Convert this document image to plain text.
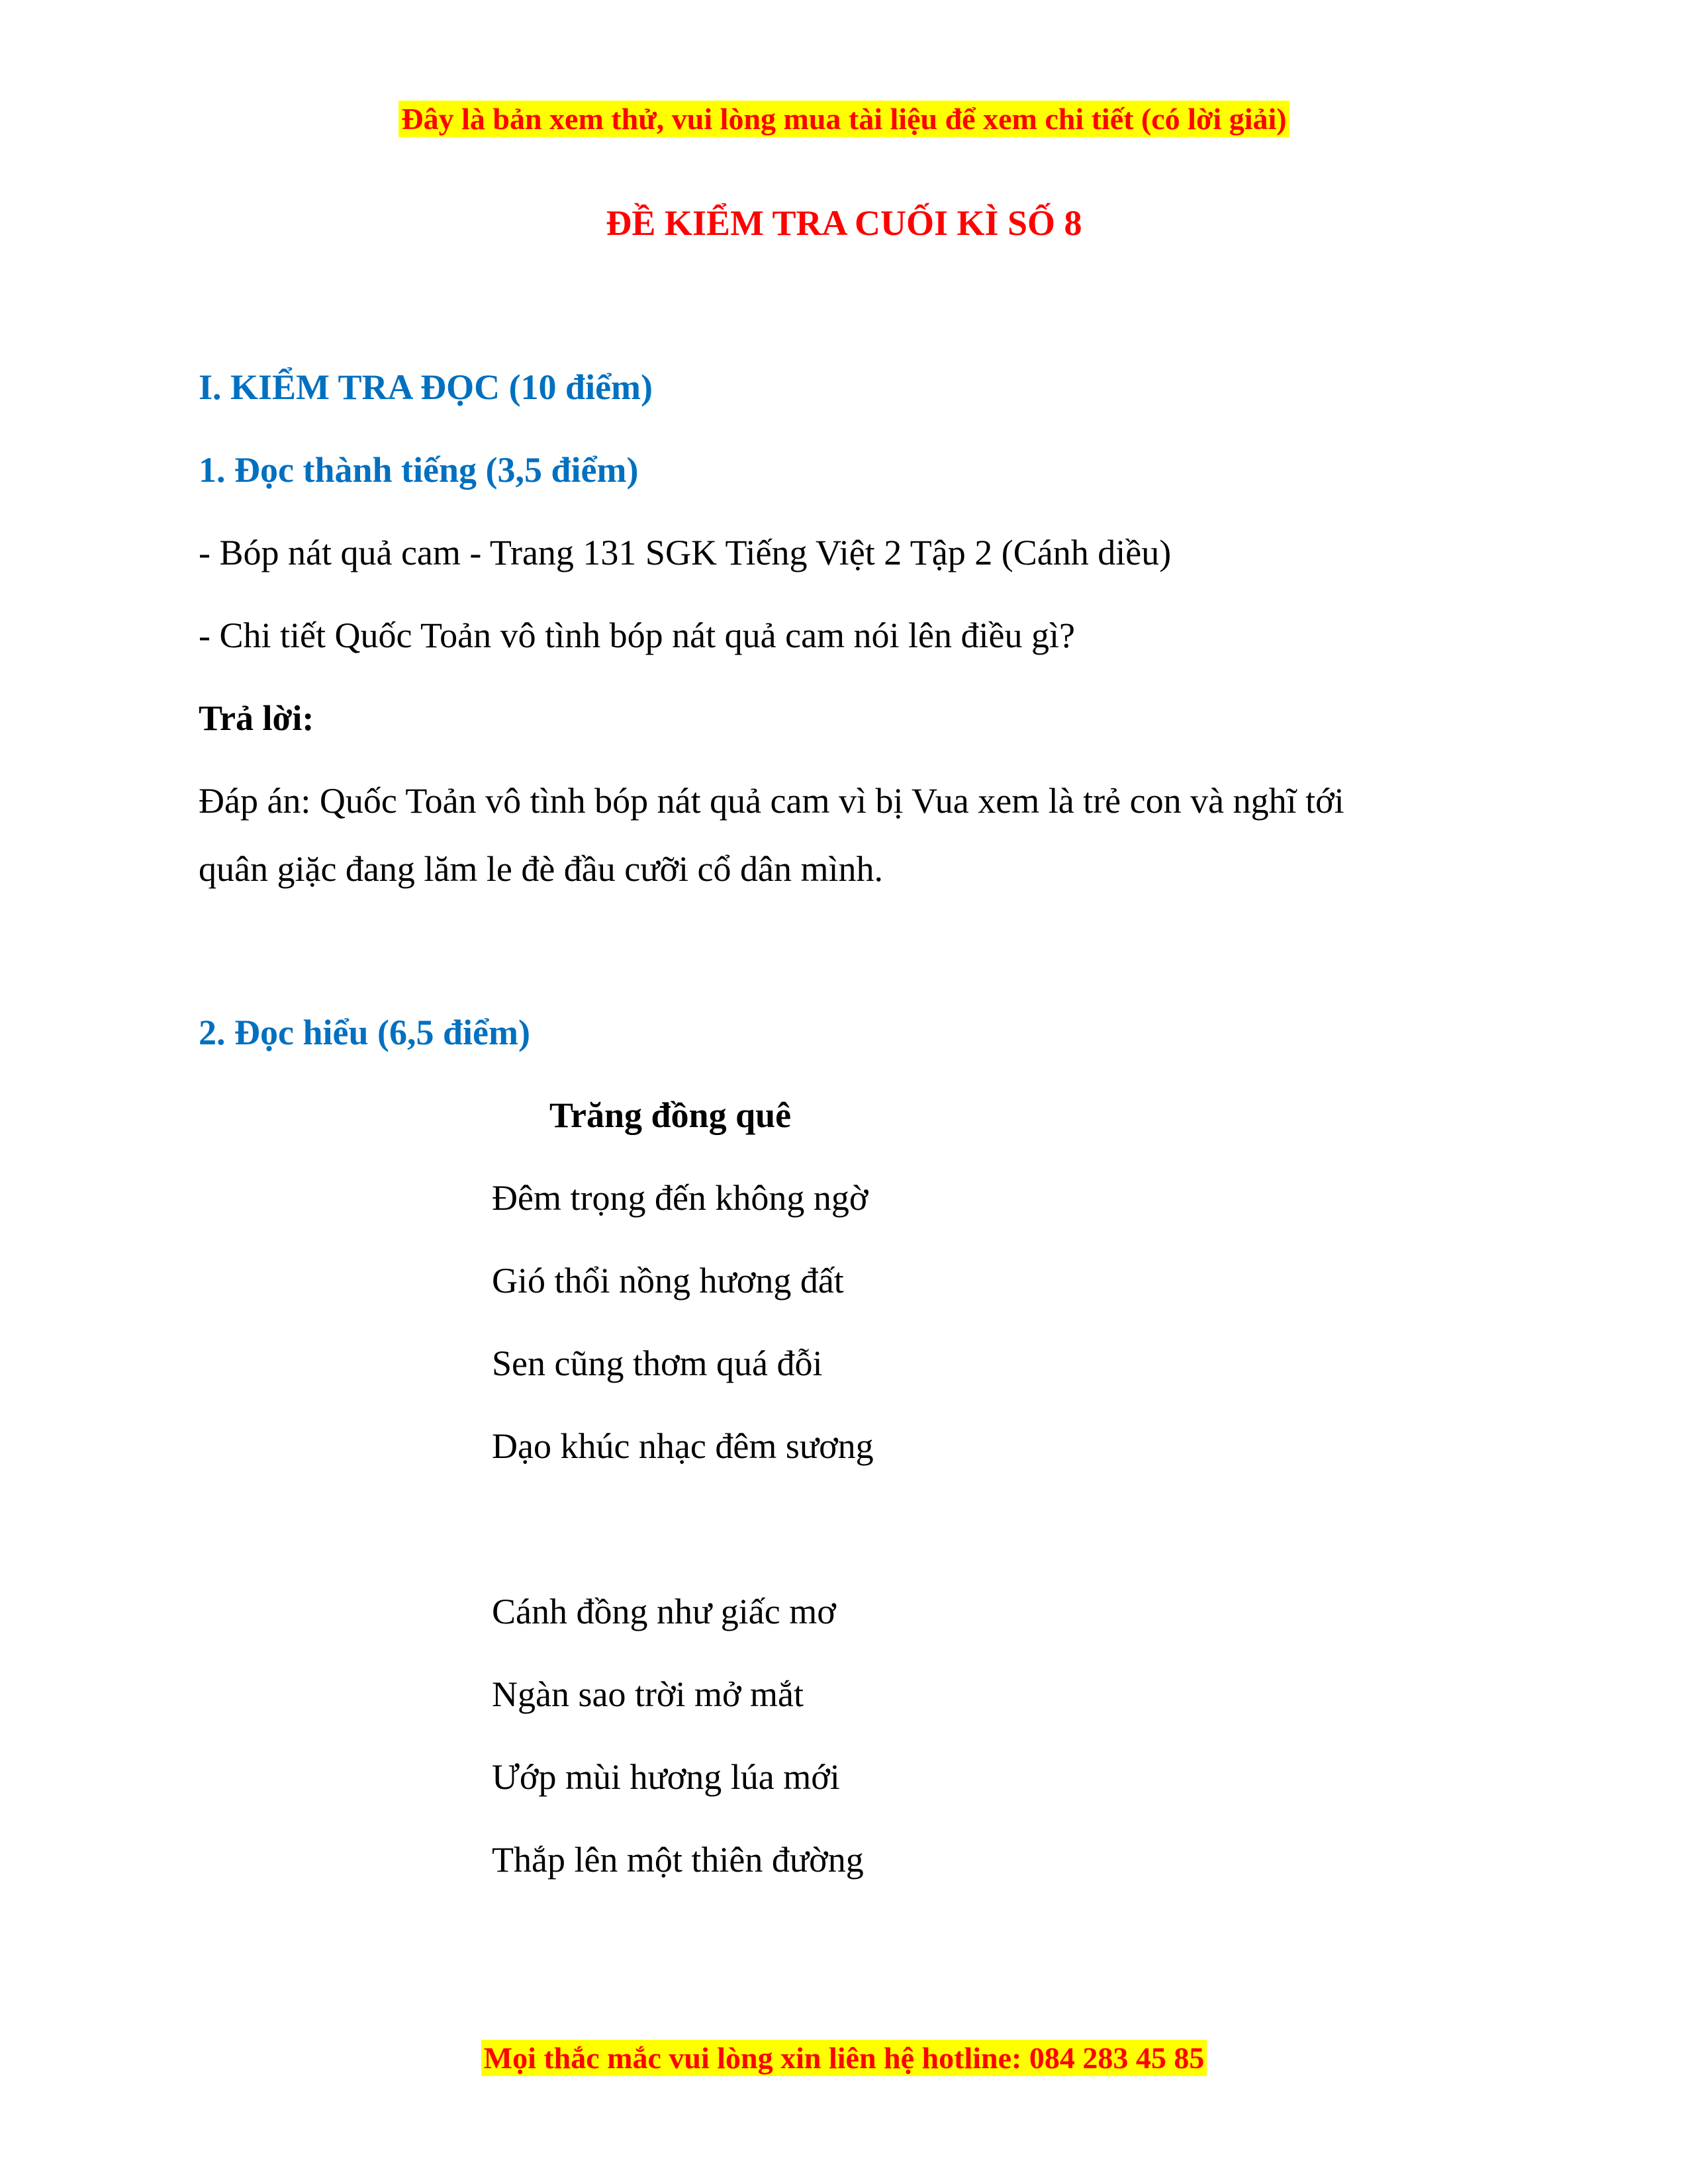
Đây là bản xem thử, vui lòng mua tài liệu để xem chi tiết (có lời giải)

ĐỀ KIỂM TRA CUỐI KÌ SỐ 8

I. KIỂM TRA ĐỌC (10 điểm)

1. Đọc thành tiếng (3,5 điểm)

- Bóp nát quả cam - Trang 131 SGK Tiếng Việt 2 Tập 2 (Cánh diều)

- Chi tiết Quốc Toản vô tình bóp nát quả cam nói lên điều gì?

Trả lời:

Đáp án: Quốc Toản vô tình bóp nát quả cam vì bị Vua xem là trẻ con và nghĩ tới

quân giặc đang lăm le đè đầu cưỡi cổ dân mình.

2. Đọc hiểu (6,5 điểm)

Trăng đồng quê

Đêm trọng đến không ngờ

Gió thổi nồng hương đất

Sen cũng thơm quá đỗi

Dạo khúc nhạc đêm sương

Cánh đồng như giấc mơ

Ngàn sao trời mở mắt

Ướp mùi hương lúa mới

Thắp lên một thiên đường

Mọi thắc mắc vui lòng xin liên hệ hotline: 084 283 45 85
